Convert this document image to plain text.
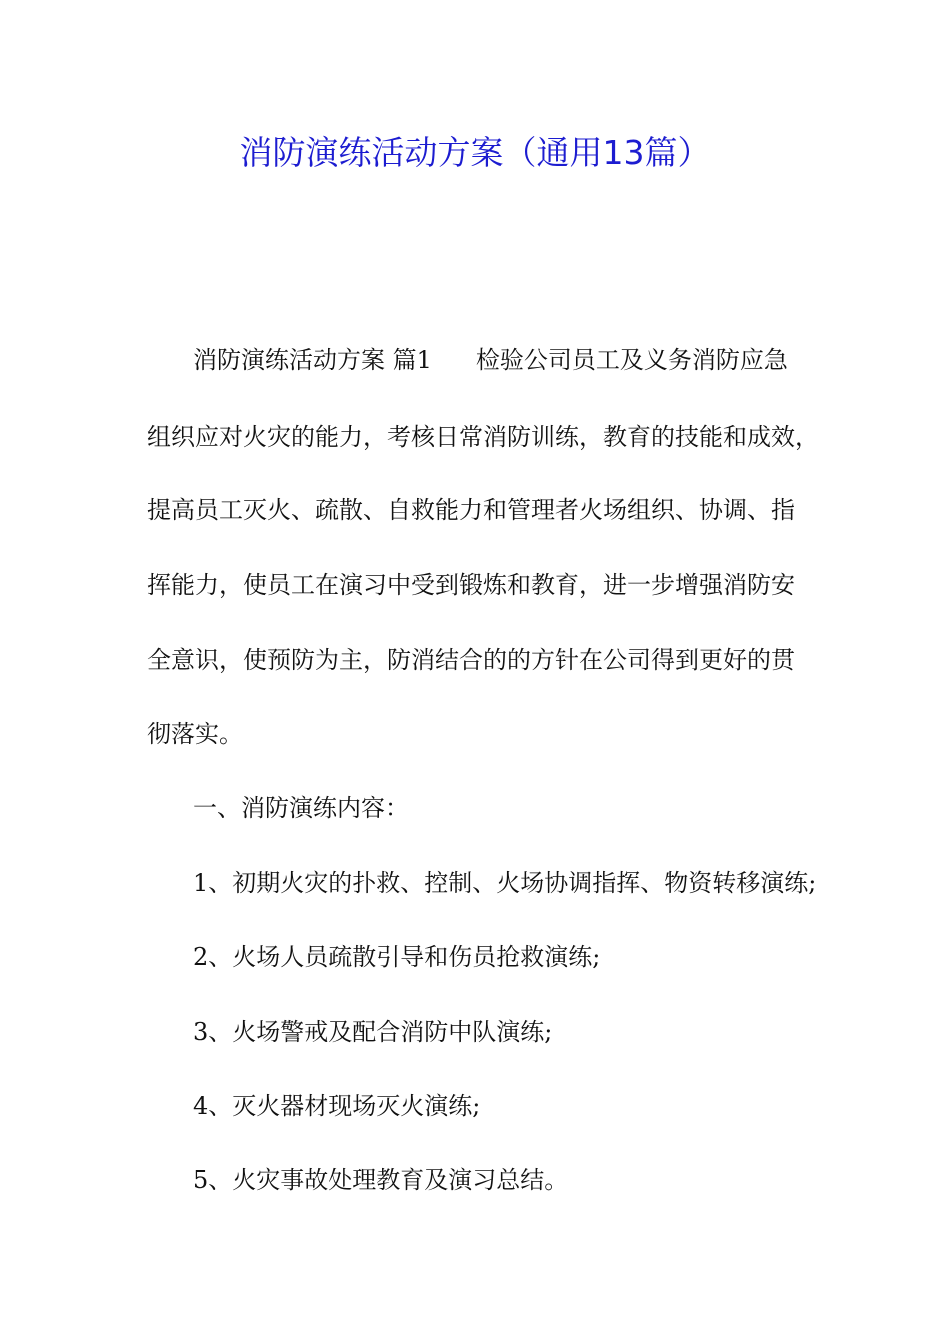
消防演练活动方案（通用13篇）
消防演练活动方案 篇1 检验公司员工及义务消防应急
组织应对火灾的能力，考核日常消防训练，教育的技能和成效，
提高员工灭火、疏散、自救能力和管理者火场组织、协调、指
挥能力，使员工在演习中受到锻炼和教育，进一步增强消防安
全意识，使预防为主，防消结合的的方针在公司得到更好的贯
彻落实。
一、消防演练内容：
1、初期火灾的扑救、控制、火场协调指挥、物资转移演练;
2、火场人员疏散引导和伤员抢救演练;
3、火场警戒及配合消防中队演练;
4、灭火器材现场灭火演练;
5、火灾事故处理教育及演习总结。
